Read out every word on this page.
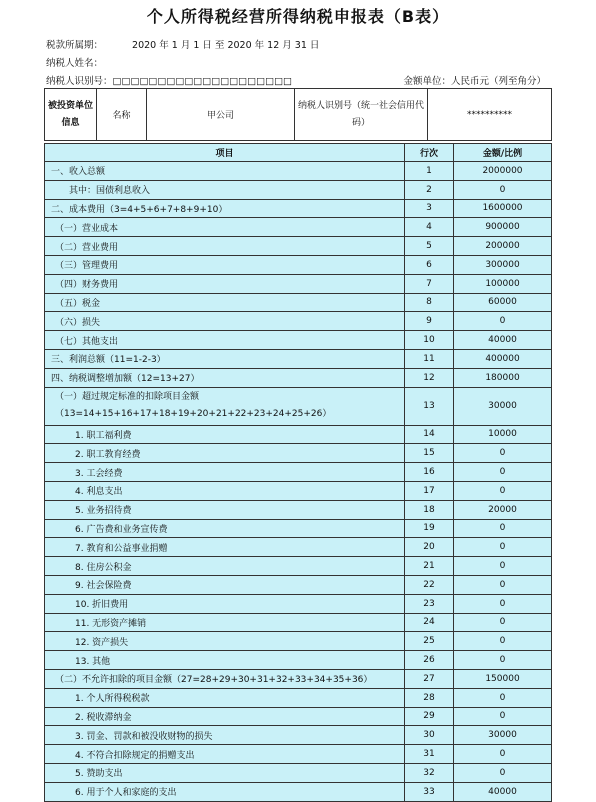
个人所得税经营所得纳税申报表（B表）
税款所属期：	2020 年 1 月 1 日 至 2020 年 12 月 31 日
纳税人姓名：
纳税人识别号：□□□□□□□□□□□□□□□□□□□□	金额单位：人民币元（列至角分）
被投资单位信息	名称	甲公司	纳税人识别号（统一社会信用代码）	**********
项目	行次	金额/比例
一、收入总额	1	2000000
其中：国债利息收入	2	0
二、成本费用（3=4+5+6+7+8+9+10）	3	1600000
（一）营业成本	4	900000
（二）营业费用	5	200000
（三）管理费用	6	300000
（四）财务费用	7	100000
（五）税金	8	60000
（六）损失	9	0
（七）其他支出	10	40000
三、利润总额（11=1-2-3）	11	400000
四、纳税调整增加额（12=13+27）	12	180000

（一）超过规定标准的扣除项目金额
（13=14+15+16+17+18+19+20+21+22+23+24+25+26）	13	30000
1. 职工福利费	14	10000
2. 职工教育经费	15	0
3. 工会经费	16	0
4. 利息支出	17	0
5. 业务招待费	18	20000
6. 广告费和业务宣传费	19	0
7. 教育和公益事业捐赠	20	0
8. 住房公积金	21	0
9. 社会保险费	22	0
10. 折旧费用	23	0
11. 无形资产摊销	24	0
12. 资产损失	25	0
13. 其他	26	0
（二）不允许扣除的项目金额（27=28+29+30+31+32+33+34+35+36）	27	150000
1. 个人所得税税款	28	0
2. 税收滞纳金	29	0
3. 罚金、罚款和被没收财物的损失	30	30000
4. 不符合扣除规定的捐赠支出	31	0
5. 赞助支出	32	0
6. 用于个人和家庭的支出	33	40000
